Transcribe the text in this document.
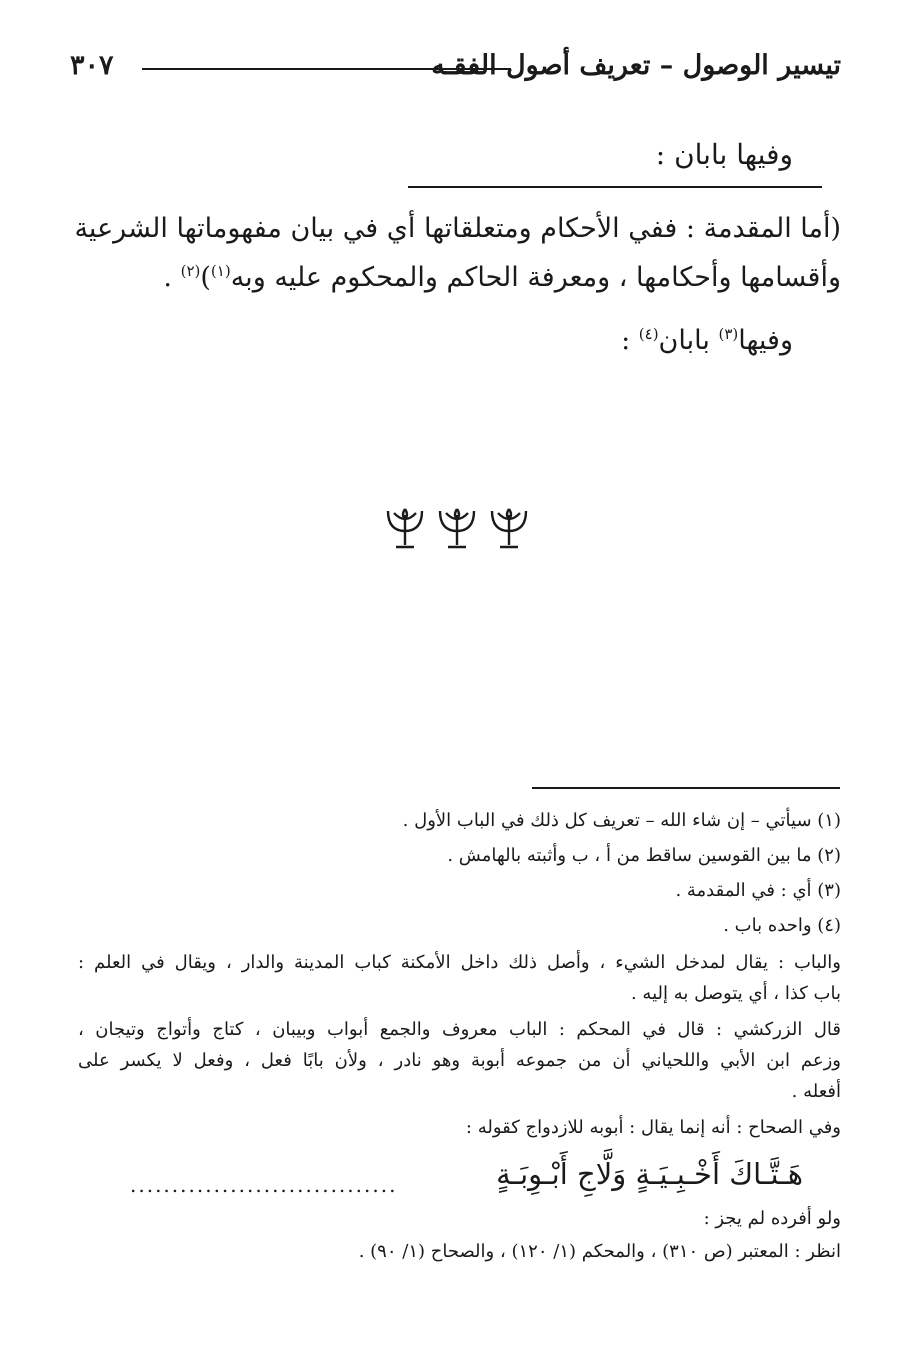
تيسير الوصول – تعريف أصول الفقـه
٣٠٧
وفيها بابان :
(أما المقدمة : ففي الأحكام ومتعلقاتها أي في بيان مفهوماتها الشرعية
وأقسامها وأحكامها ، ومعرفة الحاكم والمحكوم عليه وبه$^{(١)}$)$^{(٢)}$ .
وفيها$^{(٣)}$ بابان$^{(٤)}$ :
(١) سيأتي – إن شاء الله – تعريف كل ذلك في الباب الأول .
(٢) ما بين القوسين ساقط من أ ، ب وأثبته بالهامش .
(٣) أي : في المقدمة .
(٤) واحده باب .
والباب : يقال لمدخل الشيء ، وأصل ذلك داخل الأمكنة كباب المدينة والدار ، ويقال في العلم :
باب كذا ، أي يتوصل به إليه .
قال الزركشي : قال في المحكم : الباب معروف والجمع أبواب وبيبان ، كتاج وأتواج وتيجان ،
وزعم ابن الأبي واللحياني أن من جموعه أبوبة وهو نادر ، ولأن بابًا فعل ، وفعل لا يكسر على
أفعله .
وفي الصحاح : أنه إنما يقال : أبوبه للازدواج كقوله :
هَـتَّـاكَ أَخْـبِـيَـةٍ وَلَّاجِ أَبْـوِبَـةٍ
................................
ولو أفرده لم يجز :
انظر : المعتبر (ص ٣١٠) ، والمحكم (١/ ١٢٠) ، والصحاح (١/ ٩٠) .
